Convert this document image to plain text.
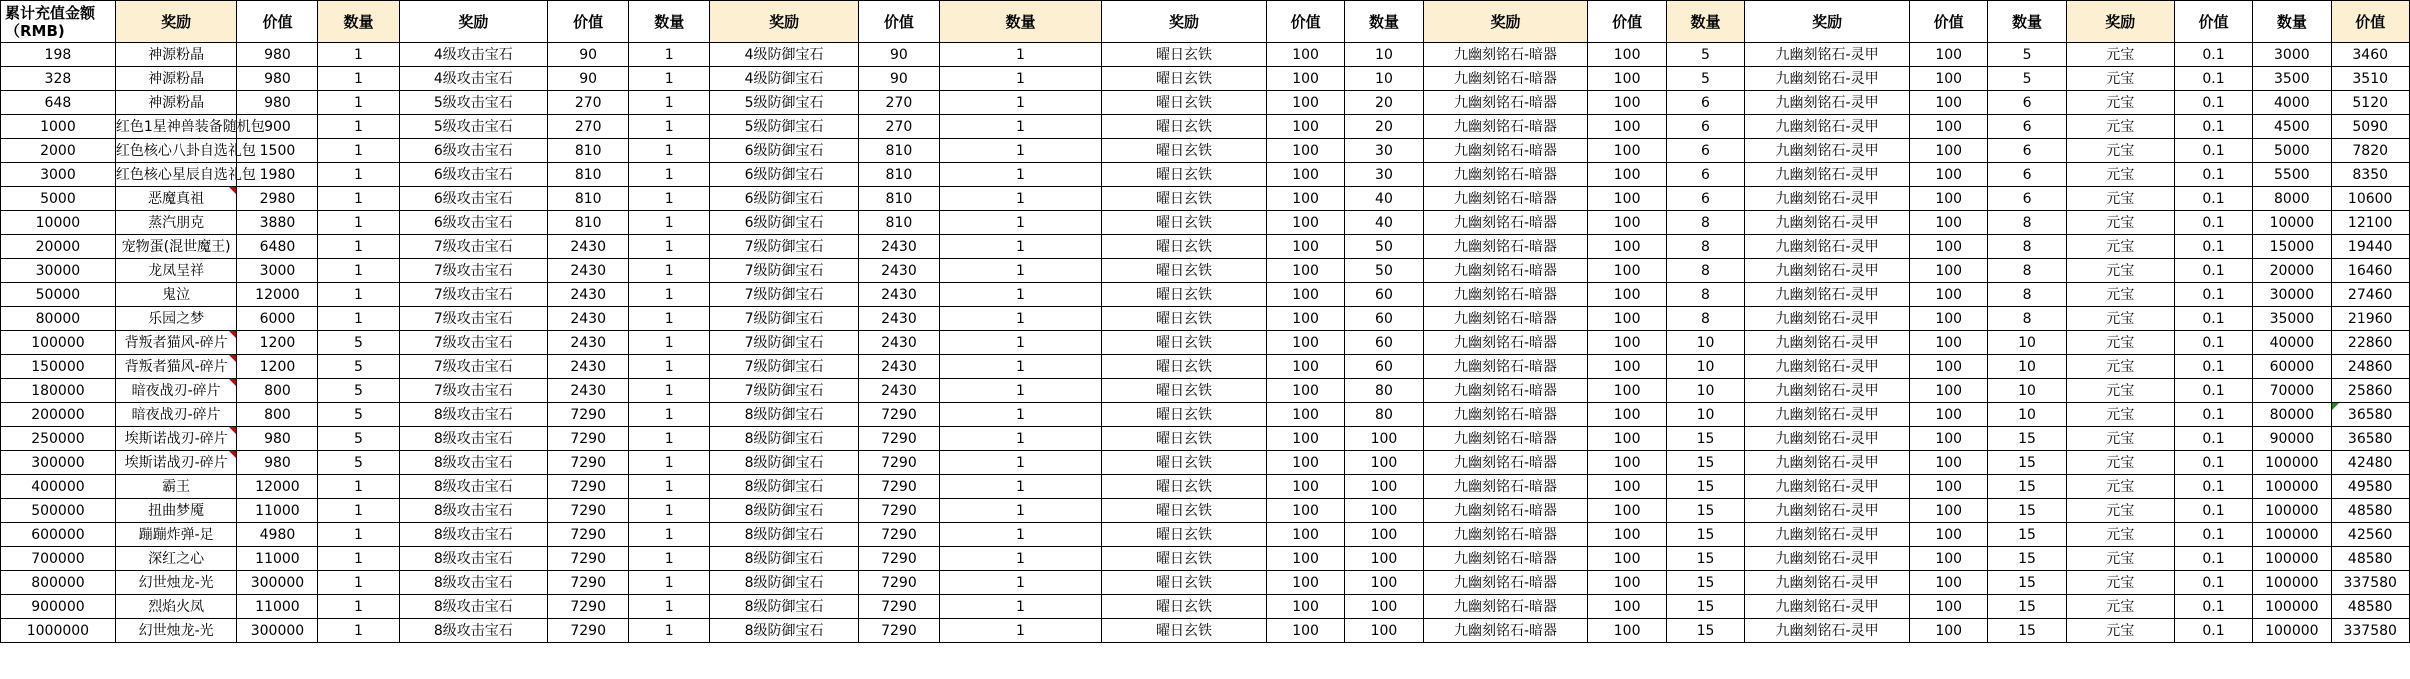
累计充值金额（RMB)	奖励	价值	数量	奖励	价值	数量	奖励	价值	数量	奖励	价值	数量	奖励	价值	数量	奖励	价值	数量	奖励	价值	数量	价值
198	神源粉晶	980	1	4级攻击宝石	90	1	4级防御宝石	90	1	曜日玄铁	100	10	九幽刻铭石-暗器	100	5	九幽刻铭石-灵甲	100	5	元宝	0.1	3000	3460
328	神源粉晶	980	1	4级攻击宝石	90	1	4级防御宝石	90	1	曜日玄铁	100	10	九幽刻铭石-暗器	100	5	九幽刻铭石-灵甲	100	5	元宝	0.1	3500	3510
648	神源粉晶	980	1	5级攻击宝石	270	1	5级防御宝石	270	1	曜日玄铁	100	20	九幽刻铭石-暗器	100	6	九幽刻铭石-灵甲	100	6	元宝	0.1	4000	5120
1000	红色1星神兽装备随机包	900	1	5级攻击宝石	270	1	5级防御宝石	270	1	曜日玄铁	100	20	九幽刻铭石-暗器	100	6	九幽刻铭石-灵甲	100	6	元宝	0.1	4500	5090
2000	红色核心八卦自选礼包	1500	1	6级攻击宝石	810	1	6级防御宝石	810	1	曜日玄铁	100	30	九幽刻铭石-暗器	100	6	九幽刻铭石-灵甲	100	6	元宝	0.1	5000	7820
3000	红色核心星辰自选礼包	1980	1	6级攻击宝石	810	1	6级防御宝石	810	1	曜日玄铁	100	30	九幽刻铭石-暗器	100	6	九幽刻铭石-灵甲	100	6	元宝	0.1	5500	8350
5000	恶魔真祖	2980	1	6级攻击宝石	810	1	6级防御宝石	810	1	曜日玄铁	100	40	九幽刻铭石-暗器	100	6	九幽刻铭石-灵甲	100	6	元宝	0.1	8000	10600
10000	蒸汽朋克	3880	1	6级攻击宝石	810	1	6级防御宝石	810	1	曜日玄铁	100	40	九幽刻铭石-暗器	100	8	九幽刻铭石-灵甲	100	8	元宝	0.1	10000	12100
20000	宠物蛋(混世魔王)	6480	1	7级攻击宝石	2430	1	7级防御宝石	2430	1	曜日玄铁	100	50	九幽刻铭石-暗器	100	8	九幽刻铭石-灵甲	100	8	元宝	0.1	15000	19440
30000	龙凤呈祥	3000	1	7级攻击宝石	2430	1	7级防御宝石	2430	1	曜日玄铁	100	50	九幽刻铭石-暗器	100	8	九幽刻铭石-灵甲	100	8	元宝	0.1	20000	16460
50000	鬼泣	12000	1	7级攻击宝石	2430	1	7级防御宝石	2430	1	曜日玄铁	100	60	九幽刻铭石-暗器	100	8	九幽刻铭石-灵甲	100	8	元宝	0.1	30000	27460
80000	乐园之梦	6000	1	7级攻击宝石	2430	1	7级防御宝石	2430	1	曜日玄铁	100	60	九幽刻铭石-暗器	100	8	九幽刻铭石-灵甲	100	8	元宝	0.1	35000	21960
100000	背叛者猫风-碎片	1200	5	7级攻击宝石	2430	1	7级防御宝石	2430	1	曜日玄铁	100	60	九幽刻铭石-暗器	100	10	九幽刻铭石-灵甲	100	10	元宝	0.1	40000	22860
150000	背叛者猫风-碎片	1200	5	7级攻击宝石	2430	1	7级防御宝石	2430	1	曜日玄铁	100	60	九幽刻铭石-暗器	100	10	九幽刻铭石-灵甲	100	10	元宝	0.1	60000	24860
180000	暗夜战刃-碎片	800	5	7级攻击宝石	2430	1	7级防御宝石	2430	1	曜日玄铁	100	80	九幽刻铭石-暗器	100	10	九幽刻铭石-灵甲	100	10	元宝	0.1	70000	25860
200000	暗夜战刃-碎片	800	5	8级攻击宝石	7290	1	8级防御宝石	7290	1	曜日玄铁	100	80	九幽刻铭石-暗器	100	10	九幽刻铭石-灵甲	100	10	元宝	0.1	80000	36580
250000	埃斯诺战刃-碎片	980	5	8级攻击宝石	7290	1	8级防御宝石	7290	1	曜日玄铁	100	100	九幽刻铭石-暗器	100	15	九幽刻铭石-灵甲	100	15	元宝	0.1	90000	36580
300000	埃斯诺战刃-碎片	980	5	8级攻击宝石	7290	1	8级防御宝石	7290	1	曜日玄铁	100	100	九幽刻铭石-暗器	100	15	九幽刻铭石-灵甲	100	15	元宝	0.1	100000	42480
400000	霸王	12000	1	8级攻击宝石	7290	1	8级防御宝石	7290	1	曜日玄铁	100	100	九幽刻铭石-暗器	100	15	九幽刻铭石-灵甲	100	15	元宝	0.1	100000	49580
500000	扭曲梦魇	11000	1	8级攻击宝石	7290	1	8级防御宝石	7290	1	曜日玄铁	100	100	九幽刻铭石-暗器	100	15	九幽刻铭石-灵甲	100	15	元宝	0.1	100000	48580
600000	蹦蹦炸弹-足	4980	1	8级攻击宝石	7290	1	8级防御宝石	7290	1	曜日玄铁	100	100	九幽刻铭石-暗器	100	15	九幽刻铭石-灵甲	100	15	元宝	0.1	100000	42560
700000	深红之心	11000	1	8级攻击宝石	7290	1	8级防御宝石	7290	1	曜日玄铁	100	100	九幽刻铭石-暗器	100	15	九幽刻铭石-灵甲	100	15	元宝	0.1	100000	48580
800000	幻世烛龙-光	300000	1	8级攻击宝石	7290	1	8级防御宝石	7290	1	曜日玄铁	100	100	九幽刻铭石-暗器	100	15	九幽刻铭石-灵甲	100	15	元宝	0.1	100000	337580
900000	烈焰火凤	11000	1	8级攻击宝石	7290	1	8级防御宝石	7290	1	曜日玄铁	100	100	九幽刻铭石-暗器	100	15	九幽刻铭石-灵甲	100	15	元宝	0.1	100000	48580
1000000	幻世烛龙-光	300000	1	8级攻击宝石	7290	1	8级防御宝石	7290	1	曜日玄铁	100	100	九幽刻铭石-暗器	100	15	九幽刻铭石-灵甲	100	15	元宝	0.1	100000	337580
